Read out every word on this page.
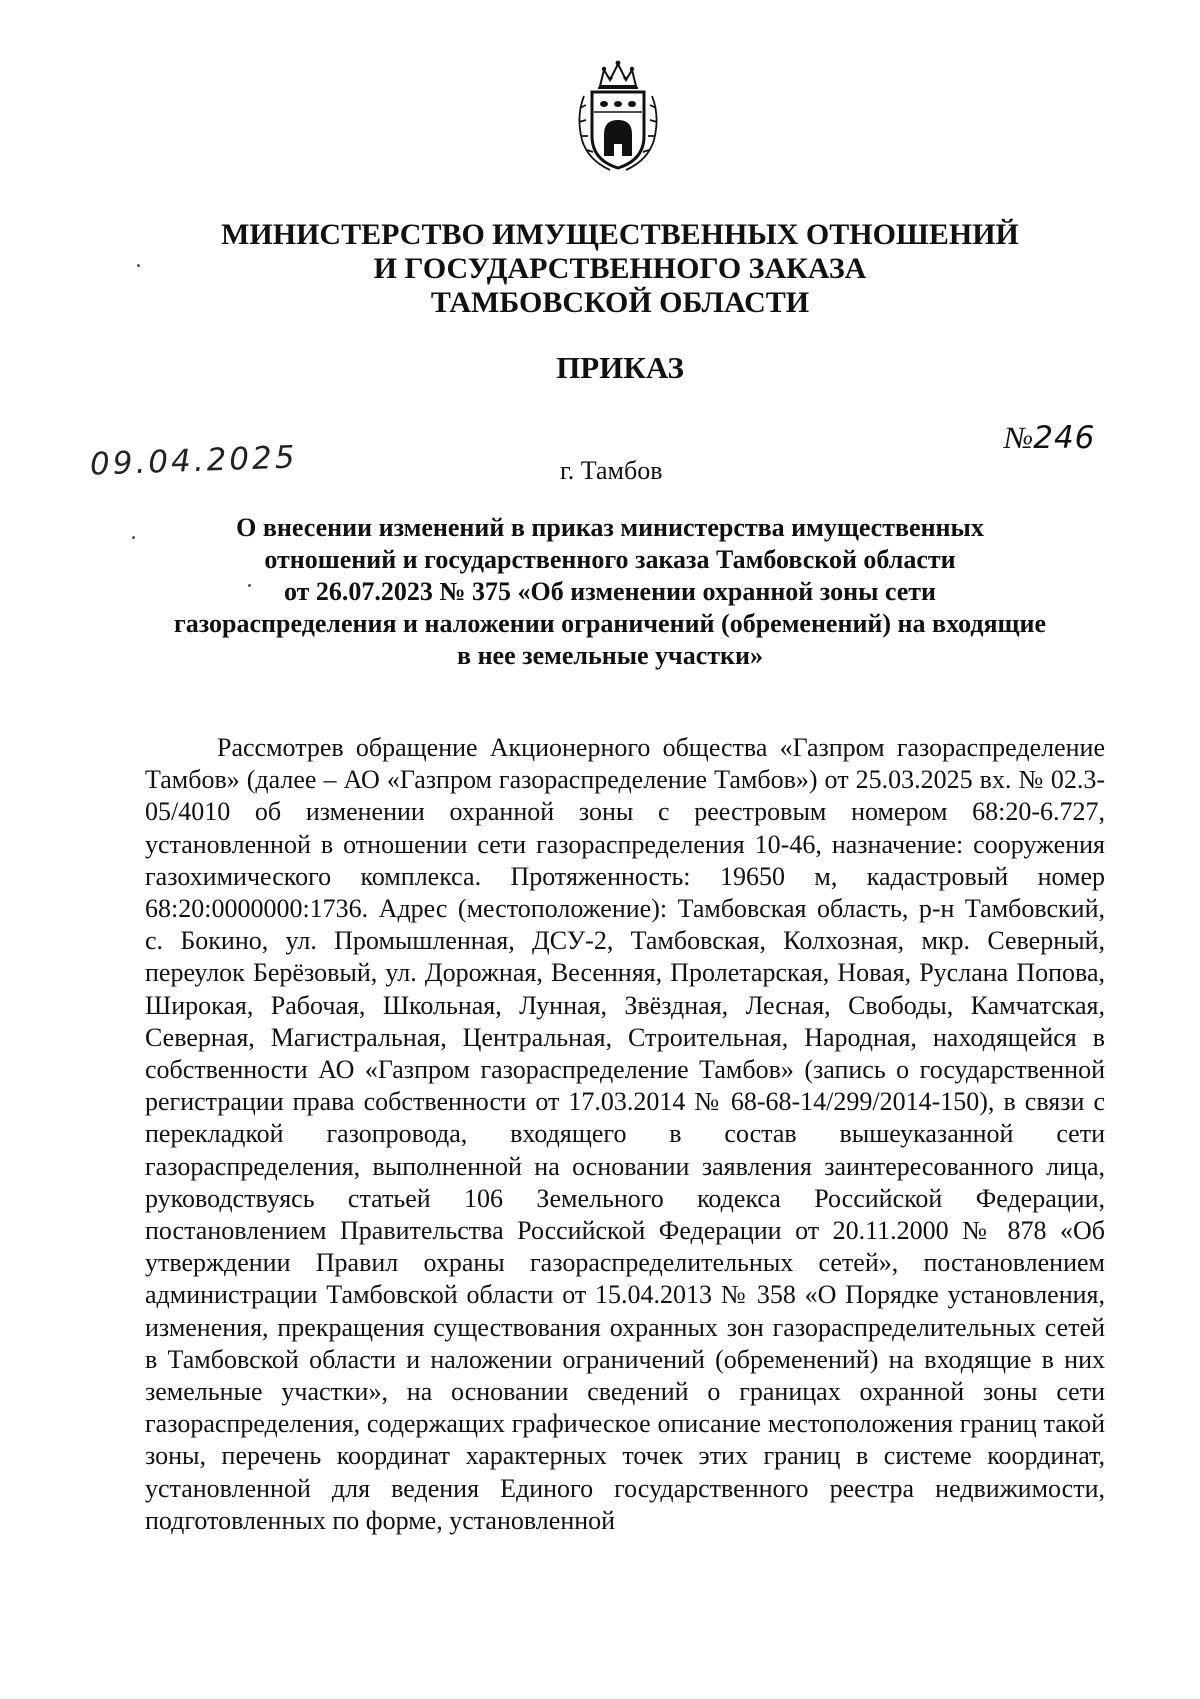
МИНИСТЕРСТВО ИМУЩЕСТВЕННЫХ ОТНОШЕНИЙ
И ГОСУДАРСТВЕННОГО ЗАКАЗА
ТАМБОВСКОЙ ОБЛАСТИ
ПРИКАЗ
09.04.2025
№246
г. Тамбов
О внесении изменений в приказ министерства имущественных
отношений и государственного заказа Тамбовской области
от 26.07.2023 № 375 «Об изменении охранной зоны сети
газораспределения и наложении ограничений (обременений) на входящие
в нее земельные участки»
Рассмотрев обращение Акционерного общества «Газпром газораспределение Тамбов» (далее – АО «Газпром газораспределение Тамбов») от 25.03.2025 вх. № 02.3-05/4010 об изменении охранной зоны с реестровым номером 68:20-6.727, установленной в отношении сети газораспределения 10-46, назначение: сооружения газохимического комплекса. Протяженность: 19650 м, кадастровый номер 68:20:0000000:1736. Адрес (местоположение): Тамбовская область, р-н Тамбовский, с. Бокино, ул. Промышленная, ДСУ-2, Тамбовская, Колхозная, мкр. Северный, переулок Берёзовый, ул. Дорожная, Весенняя, Пролетарская, Новая, Руслана Попова, Широкая, Рабочая, Школьная, Лунная, Звёздная, Лесная, Свободы, Камчатская, Северная, Магистральная, Центральная, Строительная, Народная, находящейся в собственности АО «Газпром газораспределение Тамбов» (запись о государственной регистрации права собственности от 17.03.2014 № 68-68-14/299/2014-150), в связи с перекладкой газопровода, входящего в состав вышеуказанной сети газораспределения, выполненной на основании заявления заинтересованного лица, руководствуясь статьей 106 Земельного кодекса Российской Федерации, постановлением Правительства Российской Федерации от 20.11.2000 № 878 «Об утверждении Правил охраны газораспределительных сетей», постановлением администрации Тамбовской области от 15.04.2013 № 358 «О Порядке установления, изменения, прекращения существования охранных зон газораспределительных сетей в Тамбовской области и наложении ограничений (обременений) на входящие в них земельные участки», на основании сведений о границах охранной зоны сети газораспределения, содержащих графическое описание местоположения границ такой зоны, перечень координат характерных точек этих границ в системе координат, установленной для ведения Единого государственного реестра недвижимости, подготовленных по форме, установленной
